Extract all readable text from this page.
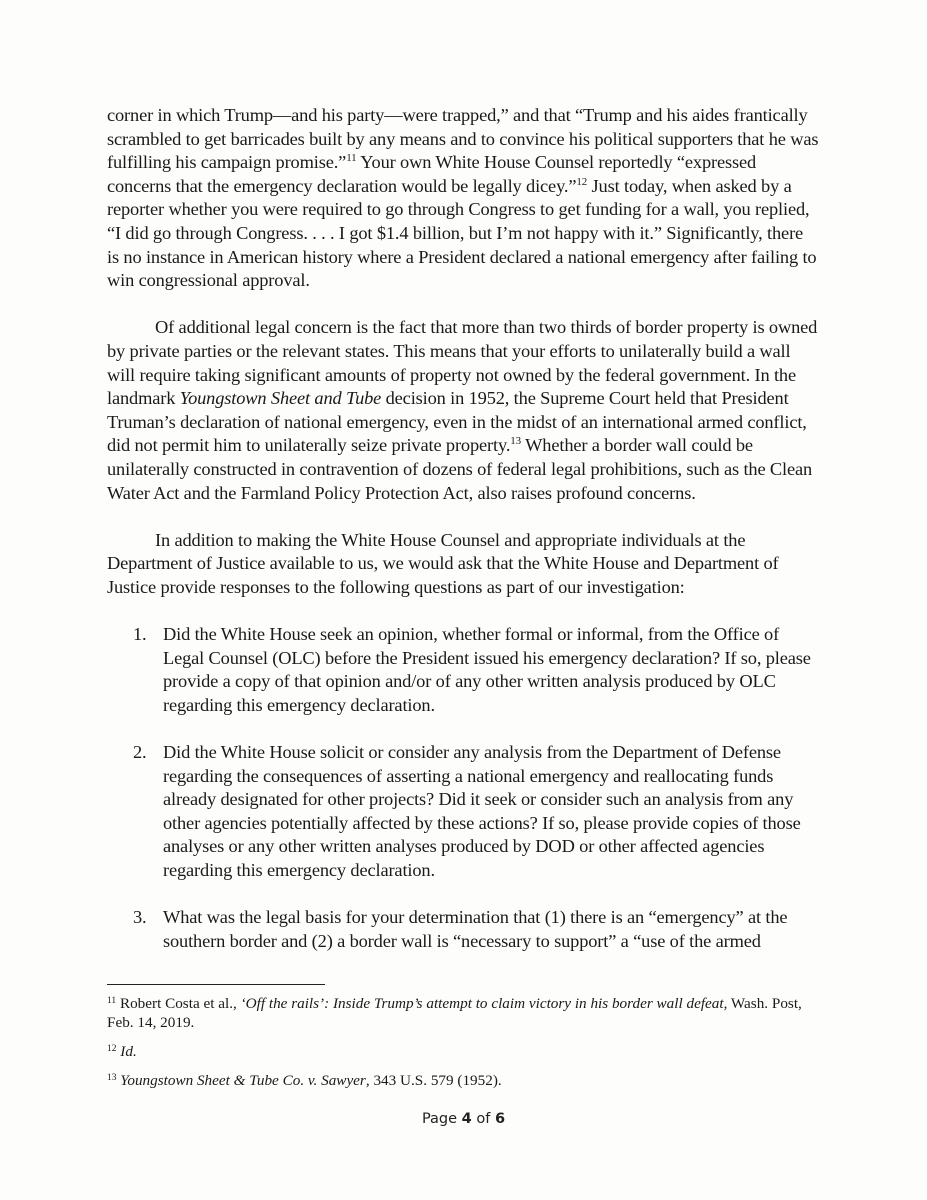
corner in which Trump—and his party—were trapped,” and that “Trump and his aides frantically scrambled to get barricades built by any means and to convince his political supporters that he was fulfilling his campaign promise.”$^{11}$ Your own White House Counsel reportedly “expressed concerns that the emergency declaration would be legally dicey.”$^{12}$ Just today, when asked by a reporter whether you were required to go through Congress to get funding for a wall, you replied, “I did go through Congress. . . . I got $1.4 billion, but I’m not happy with it.” Significantly, there is no instance in American history where a President declared a national emergency after failing to win congressional approval.

Of additional legal concern is the fact that more than two thirds of border property is owned by private parties or the relevant states. This means that your efforts to unilaterally build a wall will require taking significant amounts of property not owned by the federal government. In the landmark Youngstown Sheet and Tube decision in 1952, the Supreme Court held that President Truman’s declaration of national emergency, even in the midst of an international armed conflict, did not permit him to unilaterally seize private property.$^{13}$ Whether a border wall could be unilaterally constructed in contravention of dozens of federal legal prohibitions, such as the Clean Water Act and the Farmland Policy Protection Act, also raises profound concerns.

In addition to making the White House Counsel and appropriate individuals at the Department of Justice available to us, we would ask that the White House and Department of Justice provide responses to the following questions as part of our investigation:

1. Did the White House seek an opinion, whether formal or informal, from the Office of Legal Counsel (OLC) before the President issued his emergency declaration? If so, please provide a copy of that opinion and/or of any other written analysis produced by OLC regarding this emergency declaration.
2. Did the White House solicit or consider any analysis from the Department of Defense regarding the consequences of asserting a national emergency and reallocating funds already designated for other projects? Did it seek or consider such an analysis from any other agencies potentially affected by these actions? If so, please provide copies of those analyses or any other written analyses produced by DOD or other affected agencies regarding this emergency declaration.
3. What was the legal basis for your determination that (1) there is an “emergency” at the southern border and (2) a border wall is “necessary to support” a “use of the armed

$^{11}$ Robert Costa et al., ‘Off the rails’: Inside Trump’s attempt to claim victory in his border wall defeat, Wash. Post, Feb. 14, 2019.

$^{12}$ Id.

$^{13}$ Youngstown Sheet & Tube Co. v. Sawyer, 343 U.S. 579 (1952).

Page 4 of 6
